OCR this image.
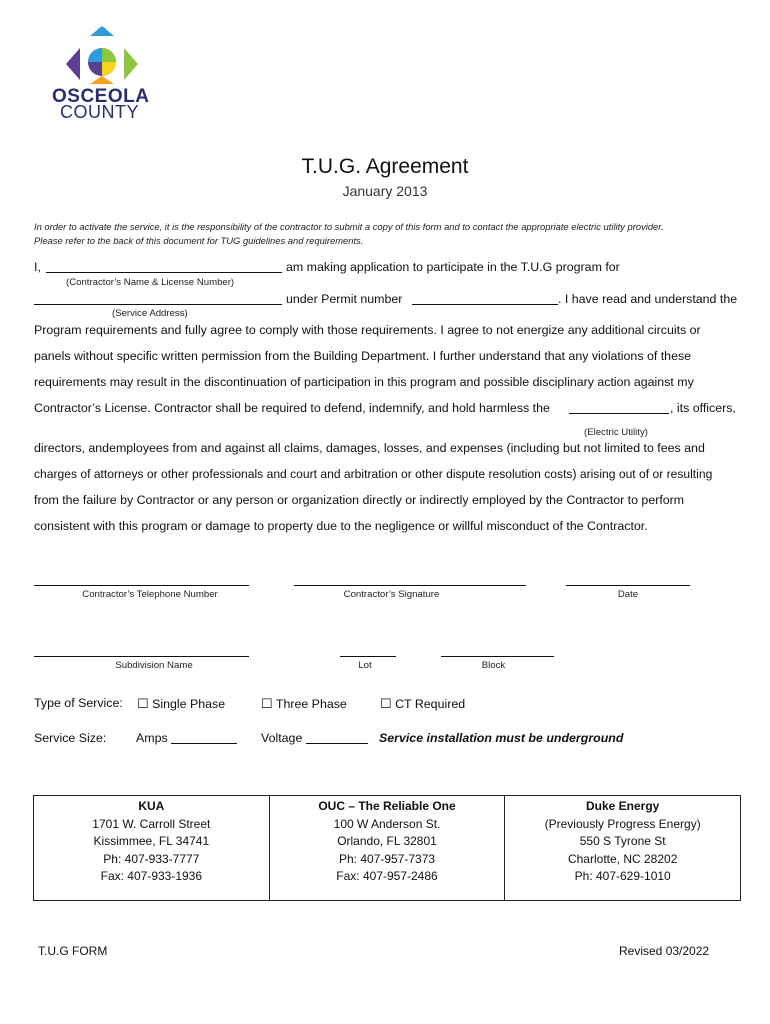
OSCEOLA
COUNTY
T.U.G. Agreement
January 2013
In order to activate the service, it is the responsibility of the contractor to submit a copy of this form and to contact the appropriate electric utility provider.
Please refer to the back of this document for TUG guidelines and requirements.
I,	am making application to participate in the T.U.G program for
(Contractor’s Name & License Number)
under Permit number	. I have read and understand the
(Service Address)
Program requirements and fully agree to comply with those requirements. I agree to not energize any additional circuits or
panels without specific written permission from the Building Department. I further understand that any violations of these
requirements may result in the discontinuation of participation in this program and possible disciplinary action against my
Contractor’s License. Contractor shall be required to defend, indemnify, and hold harmless the	, its officers,
(Electric Utility)
directors, andemployees from and against all claims, damages, losses, and expenses (including but not limited to fees and
charges of attorneys or other professionals and court and arbitration or other dispute resolution costs) arising out of or resulting
from the failure by Contractor or any person or organization directly or indirectly employed by the Contractor to perform
consistent with this program or damage to property due to the negligence or willful misconduct of the Contractor.
Contractor’s Telephone Number	Contractor’s Signature	Date
Subdivision Name	Lot	Block
Type of Service: ☐ Single Phase	☐ Three Phase	☐ CT Required
Service Size: Amps	Voltage	Service installation must be underground
KUA
1701 W. Carroll Street
Kissimmee, FL 34741
Ph: 407-933-7777
Fax: 407-933-1936
OUC – The Reliable One
100 W Anderson St.
Orlando, FL 32801
Ph: 407-957-7373
Fax: 407-957-2486
Duke Energy
(Previously Progress Energy)
550 S Tyrone St
Charlotte, NC 28202
Ph: 407-629-1010
T.U.G FORM	Revised 03/2022
